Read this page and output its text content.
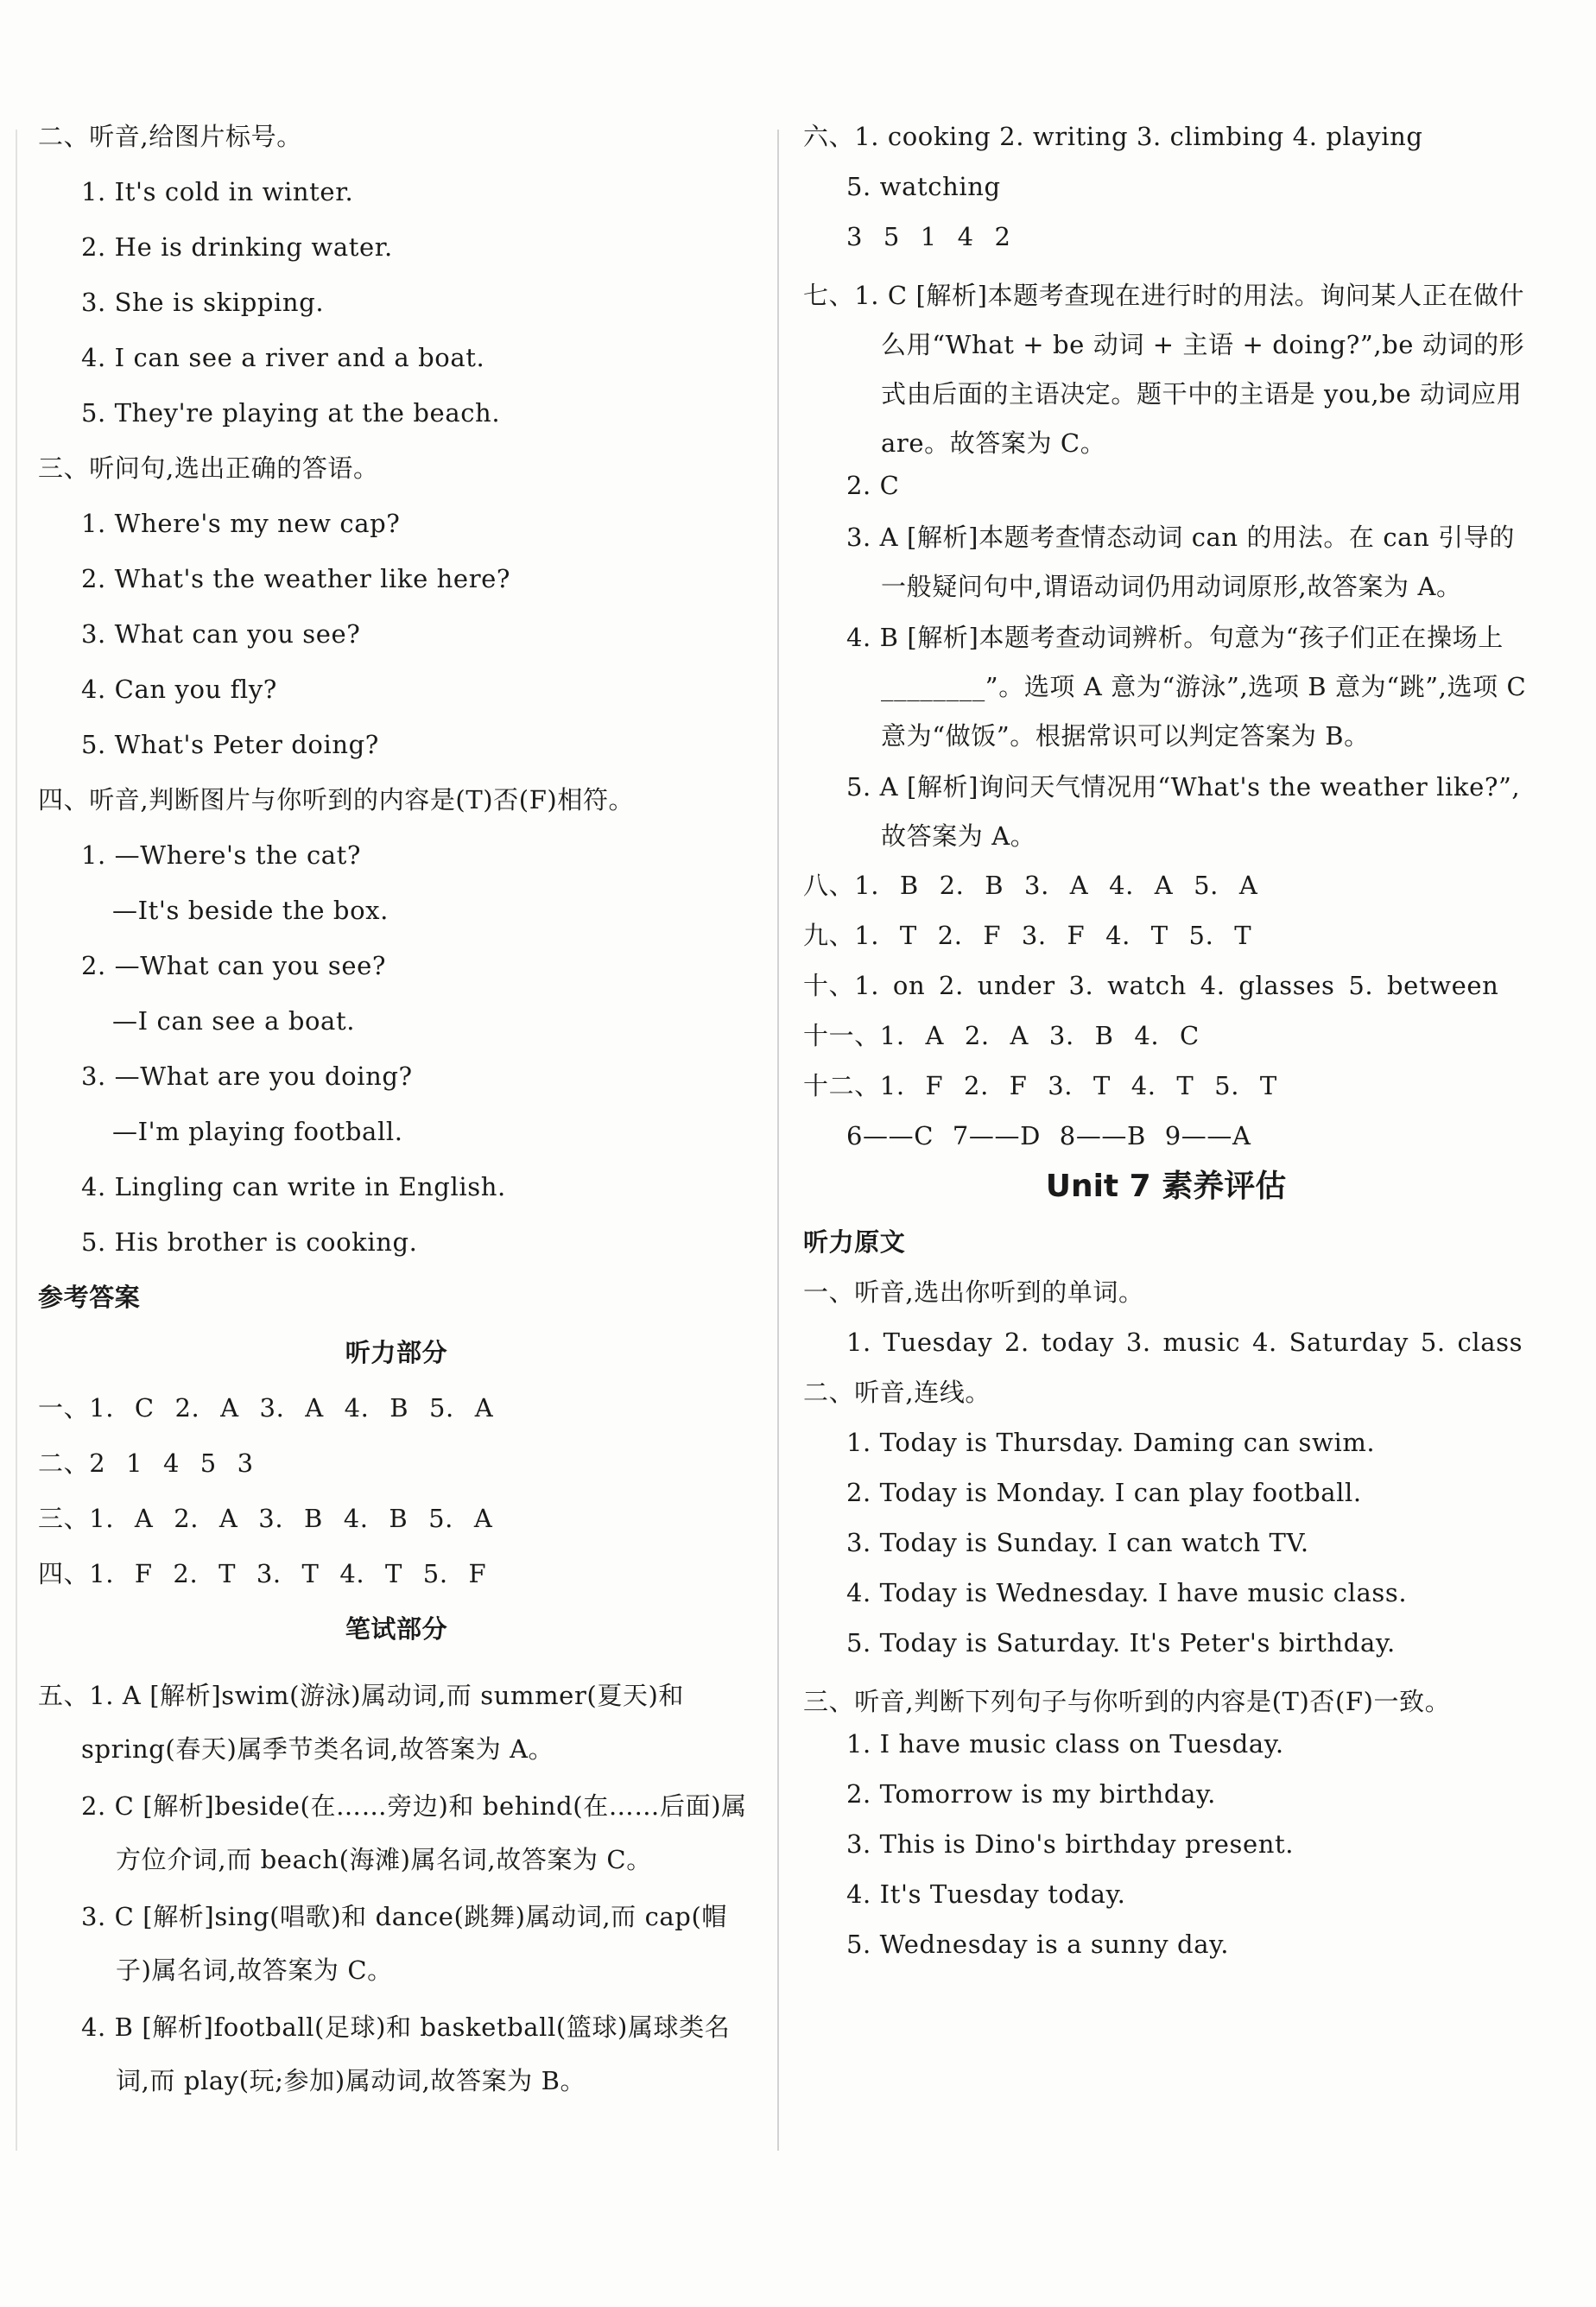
二、听音,给图片标号。
1. It's cold in winter.
2. He is drinking water.
3. She is skipping.
4. I can see a river and a boat.
5. They're playing at the beach.
三、听问句,选出正确的答语。
1. Where's my new cap?
2. What's the weather like here?
3. What can you see?
4. Can you fly?
5. What's Peter doing?
四、听音,判断图片与你听到的内容是(T)否(F)相符。
1. —Where's the cat?
—It's beside the box.
2. —What can you see?
—I can see a boat.
3. —What are you doing?
—I'm playing football.
4. Lingling can write in English.
5. His brother is cooking.
参考答案
听力部分
一、1. C 2. A 3. A 4. B 5. A
二、2 1 4 5 3
三、1. A 2. A 3. B 4. B 5. A
四、1. F 2. T 3. T 4. T 5. F
笔试部分
五、1. A [解析]swim(游泳)属动词,而 summer(夏天)和 spring(春天)属季节类名词,故答案为 A。
2. C [解析]beside(在……旁边)和 behind(在……后面)属方位介词,而 beach(海滩)属名词,故答案为 C。
3. C [解析]sing(唱歌)和 dance(跳舞)属动词,而 cap(帽子)属名词,故答案为 C。
4. B [解析]football(足球)和 basketball(篮球)属球类名词,而 play(玩;参加)属动词,故答案为 B。
六、1. cooking 2. writing 3. climbing 4. playing
5. watching
3 5 1 4 2
七、1. C [解析]本题考查现在进行时的用法。询问某人正在做什么用“What + be 动词 + 主语 + doing?”,be 动词的形式由后面的主语决定。题干中的主语是 you,be 动词应用 are。故答案为 C。
2. C
3. A [解析]本题考查情态动词 can 的用法。在 can 引导的一般疑问句中,谓语动词仍用动词原形,故答案为 A。
4. B [解析]本题考查动词辨析。句意为“孩子们正在操场上________”。选项 A 意为“游泳”,选项 B 意为“跳”,选项 C 意为“做饭”。根据常识可以判定答案为 B。
5. A [解析]询问天气情况用“What's the weather like?”,故答案为 A。
八、1. B 2. B 3. A 4. A 5. A
九、1. T 2. F 3. F 4. T 5. T
十、1. on 2. under 3. watch 4. glasses 5. between
十一、1. A 2. A 3. B 4. C
十二、1. F 2. F 3. T 4. T 5. T
6——C 7——D 8——B 9——A
Unit 7 素养评估
听力原文
一、听音,选出你听到的单词。
1. Tuesday 2. today 3. music 4. Saturday 5. class
二、听音,连线。
1. Today is Thursday. Daming can swim.
2. Today is Monday. I can play football.
3. Today is Sunday. I can watch TV.
4. Today is Wednesday. I have music class.
5. Today is Saturday. It's Peter's birthday.
三、听音,判断下列句子与你听到的内容是(T)否(F)一致。
1. I have music class on Tuesday.
2. Tomorrow is my birthday.
3. This is Dino's birthday present.
4. It's Tuesday today.
5. Wednesday is a sunny day.
